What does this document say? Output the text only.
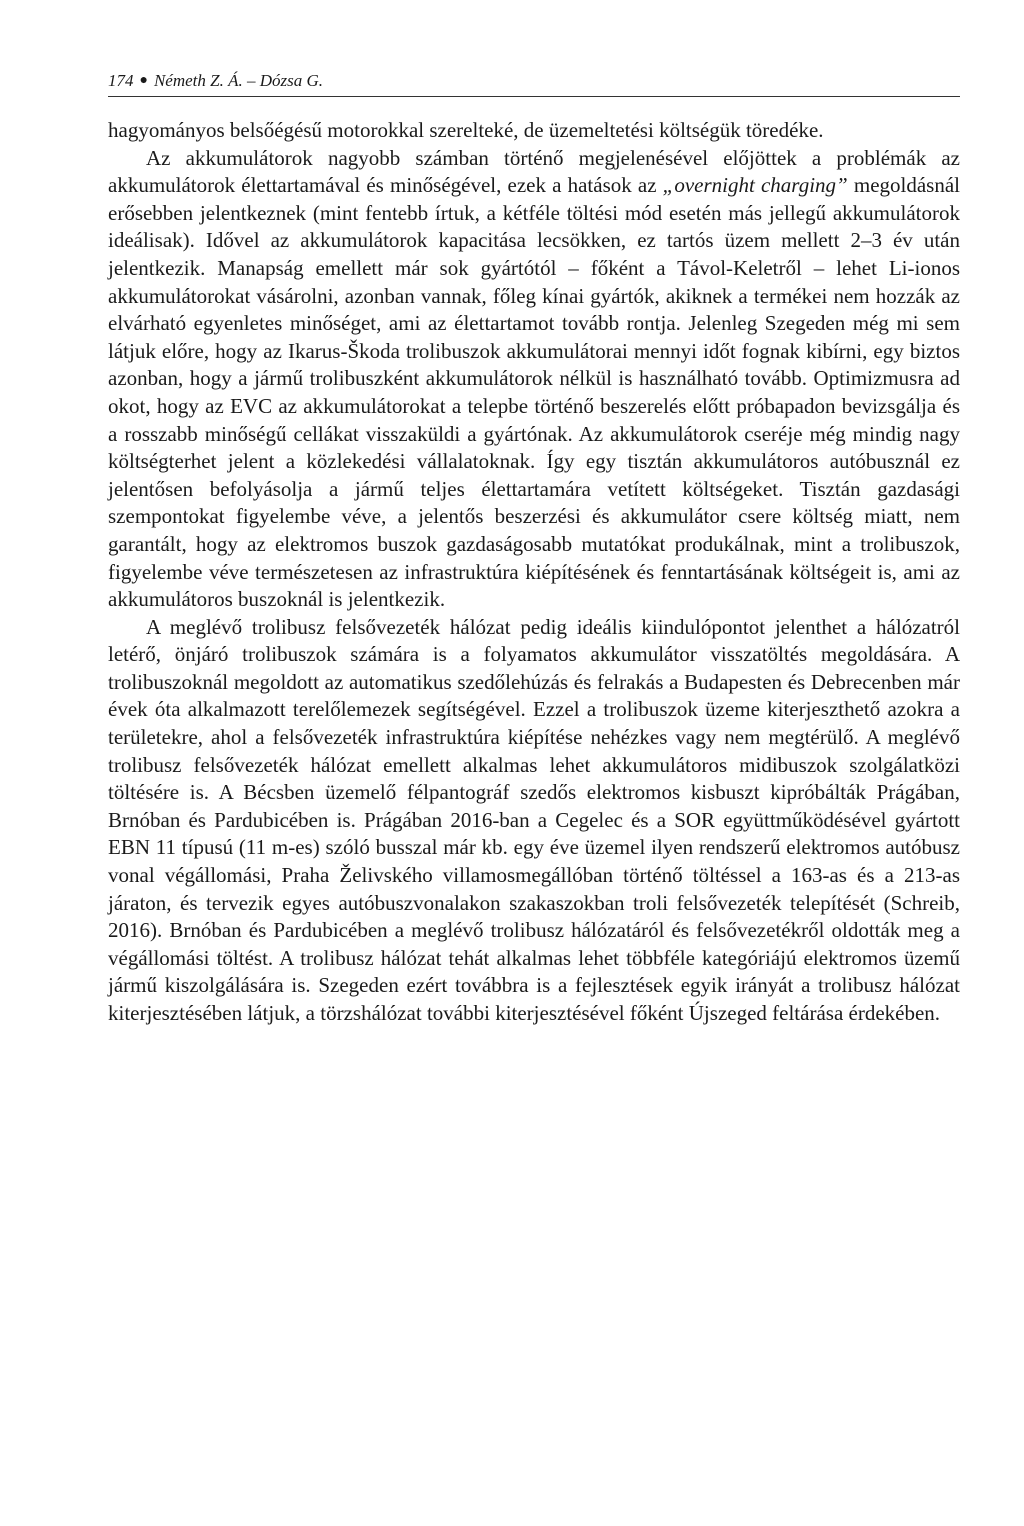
174 ● Németh Z. Á. – Dózsa G.

hagyományos belsőégésű motorokkal szerelteké, de üzemeltetési költségük töredéke.

Az akkumulátorok nagyobb számban történő megjelenésével előjöttek a problémák az akkumulátorok élettartamával és minőségével, ezek a hatások az „overnight charging” megoldásnál erősebben jelentkeznek (mint fentebb írtuk, a kétféle töltési mód esetén más jellegű akkumulátorok ideálisak). Idővel az akkumulátorok kapacitása lecsökken, ez tartós üzem mellett 2–3 év után jelentkezik. Manapság emellett már sok gyártótól – főként a Távol-Keletről – lehet Li-ionos akkumulátorokat vásárolni, azonban vannak, főleg kínai gyártók, akiknek a termékei nem hozzák az elvárható egyenletes minőséget, ami az élettartamot tovább rontja. Jelenleg Szegeden még mi sem látjuk előre, hogy az Ikarus-Škoda trolibuszok akkumulátorai mennyi időt fognak kibírni, egy biztos azonban, hogy a jármű trolibuszként akkumulátorok nélkül is használható tovább. Optimizmusra ad okot, hogy az EVC az akkumulátorokat a telepbe történő beszerelés előtt próbapadon bevizsgálja és a rosszabb minőségű cellákat visszaküldi a gyártónak. Az akkumulátorok cseréje még mindig nagy költségterhet jelent a közlekedési vállalatoknak. Így egy tisztán akkumulátoros autóbusznál ez jelentősen befolyásolja a jármű teljes élettartamára vetített költségeket. Tisztán gazdasági szempontokat figyelembe véve, a jelentős beszerzési és akkumulátor csere költség miatt, nem garantált, hogy az elektromos buszok gazdaságosabb mutatókat produkálnak, mint a trolibuszok, figyelembe véve természetesen az infrastruktúra kiépítésének és fenntartásának költségeit is, ami az akkumulátoros buszoknál is jelentkezik.

A meglévő trolibusz felsővezeték hálózat pedig ideális kiindulópontot jelenthet a hálózatról letérő, önjáró trolibuszok számára is a folyamatos akkumulátor visszatöltés megoldására. A trolibuszoknál megoldott az automatikus szedőlehúzás és felrakás a Budapesten és Debrecenben már évek óta alkalmazott terelőlemezek segítségével. Ezzel a trolibuszok üzeme kiterjeszthető azokra a területekre, ahol a felsővezeték infrastruktúra kiépítése nehézkes vagy nem megtérülő. A meglévő trolibusz felsővezeték hálózat emellett alkalmas lehet akkumulátoros midibuszok szolgálatközi töltésére is. A Bécsben üzemelő félpantográf szedős elektromos kisbuszt kipróbálták Prágában, Brnóban és Pardubicében is. Prágában 2016-ban a Cegelec és a SOR együttműködésével gyártott EBN 11 típusú (11 m-es) szóló busszal már kb. egy éve üzemel ilyen rendszerű elektromos autóbusz vonal végállomási, Praha Želivského villamosmegállóban történő töltéssel a 163-as és a 213-as járaton, és tervezik egyes autóbuszvonalakon szakaszokban troli felsővezeték telepítését (Schreib, 2016). Brnóban és Pardubicében a meglévő trolibusz hálózatáról és felsővezetékről oldották meg a végállomási töltést. A trolibusz hálózat tehát alkalmas lehet többféle kategóriájú elektromos üzemű jármű kiszolgálására is. Szegeden ezért továbbra is a fejlesztések egyik irányát a trolibusz hálózat kiterjesztésében látjuk, a törzshálózat további kiterjesztésével főként Újszeged feltárása érdekében.
